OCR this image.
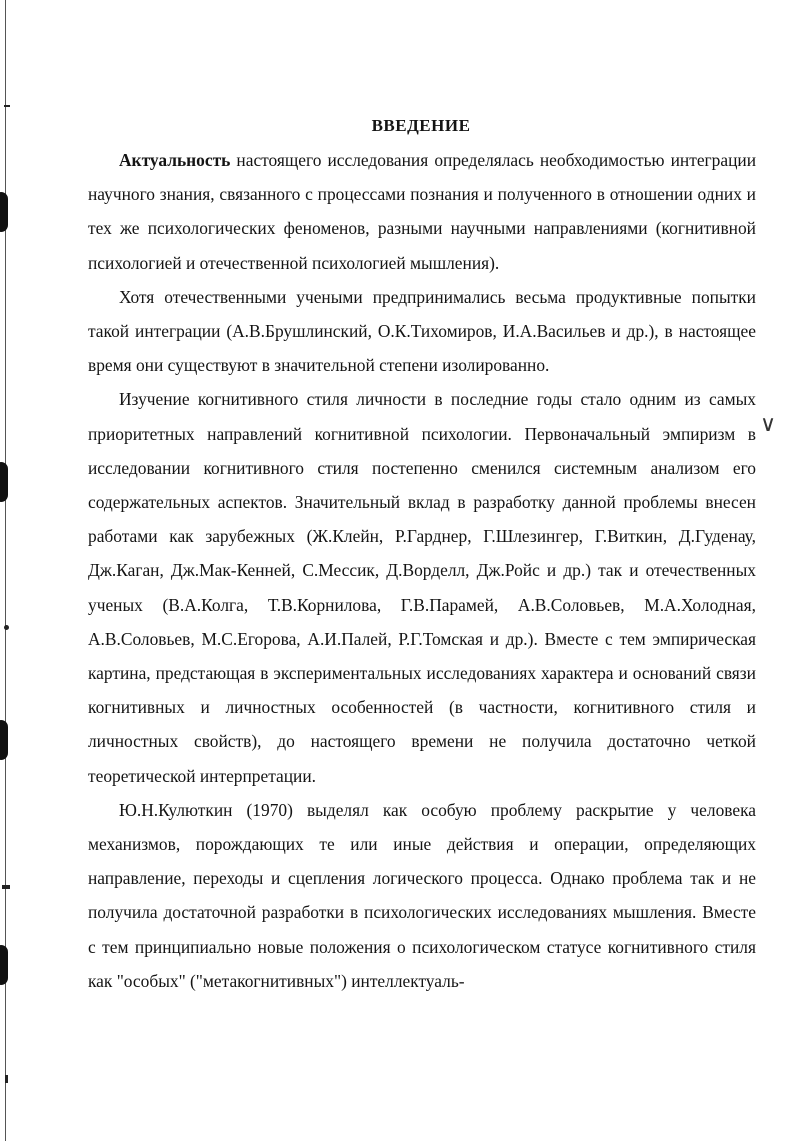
ВВЕДЕНИЕ

Актуальность настоящего исследования определялась необходимостью интеграции научного знания, связанного с процессами познания и полученного в отношении одних и тех же психологических феноменов, разными научными направлениями (когнитивной психологией и отечественной психологией мышления).

Хотя отечественными учеными предпринимались весьма продуктивные попытки такой интеграции (А.В.Брушлинский, О.К.Тихомиров, И.А.Васильев и др.), в настоящее время они существуют в значительной степени изолированно.

Изучение когнитивного стиля личности в последние годы стало одним из самых приоритетных направлений когнитивной психологии. Первоначальный эмпиризм в исследовании когнитивного стиля постепенно сменился системным анализом его содержательных аспектов. Значительный вклад в разработку данной проблемы внесен работами как зарубежных (Ж.Клейн, Р.Гарднер, Г.Шлезингер, Г.Виткин, Д.Гуденау, Дж.Каган, Дж.Мак-Кенней, С.Мессик, Д.Ворделл, Дж.Ройс и др.) так и отечественных ученых (В.А.Колга, Т.В.Корнилова, Г.В.Парамей, А.В.Соловьев, М.А.Холодная, А.В.Соловьев, М.С.Егорова, А.И.Палей, Р.Г.Томская и др.). Вместе с тем эмпирическая картина, предстающая в экспериментальных исследованиях характера и оснований связи когнитивных и личностных особенностей (в частности, когнитивного стиля и личностных свойств), до настоящего времени не получила достаточно четкой теоретической интерпретации.

Ю.Н.Кулюткин (1970) выделял как особую проблему раскрытие у человека механизмов, порождающих те или иные действия и операции, определяющих направление, переходы и сцепления логического процесса. Однако проблема так и не получила достаточной разработки в психологических исследованиях мышления. Вместе с тем принципиально новые положения о психологическом статусе когнитивного стиля как "особых" ("метакогнитивных") интеллектуаль-

∨
